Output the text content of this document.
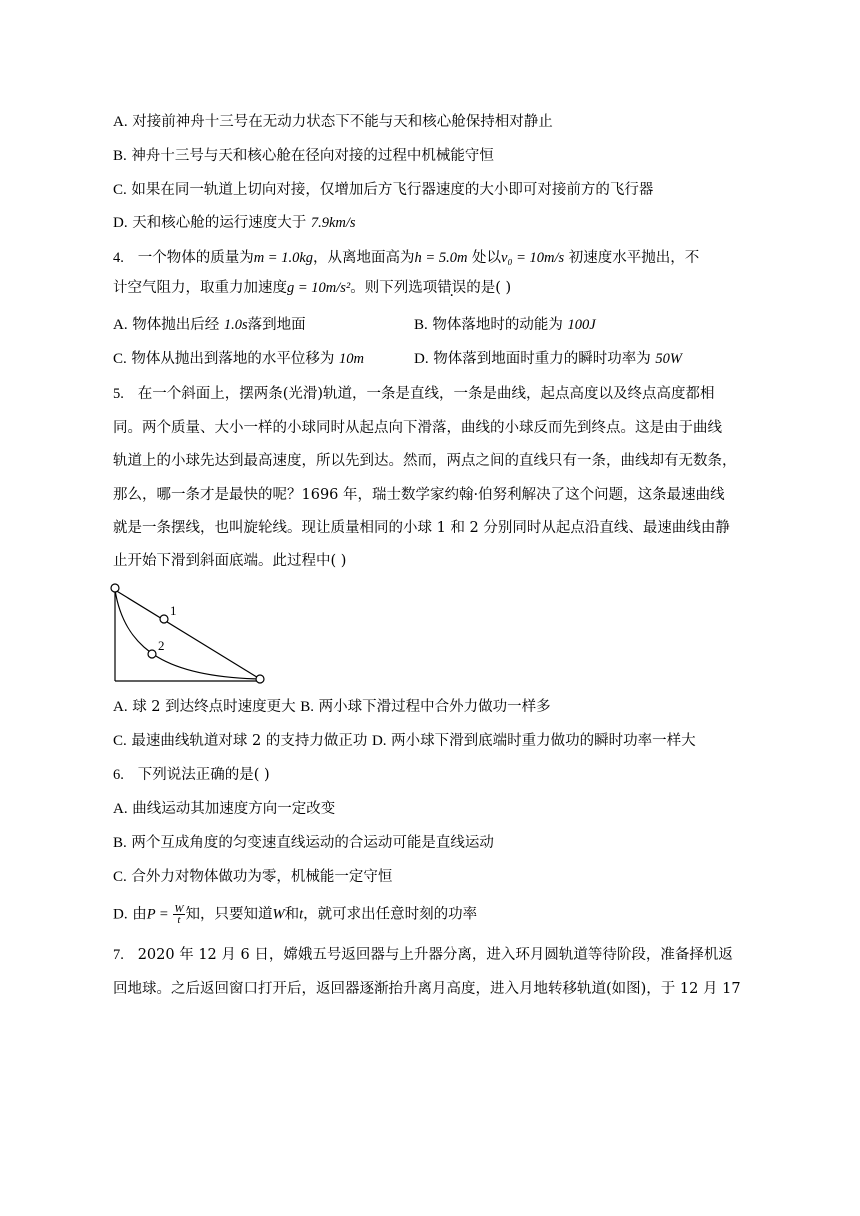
A. 对接前神舟十三号在无动力状态下不能与天和核心舱保持相对静止
B. 神舟十三号与天和核心舱在径向对接的过程中机械能守恒
C. 如果在同一轨道上切向对接，仅增加后方飞行器速度的大小即可对接前方的飞行器
D. 天和核心舱的运行速度大于 7.9km/s
4. 一个物体的质量为m = 1.0kg，从离地面高为h = 5.0m 处以v₀ = 10m/s 初速度水平抛出，不
计空气阻力，取重力加速度g = 10m/s²。则下列选项错误的是( )
A. 物体抛出后经 1.0s落到地面	B. 物体落地时的动能为 100J
C. 物体从抛出到落地的水平位移为 10m	D. 物体落到地面时重力的瞬时功率为 50W
5. 在一个斜面上，摆两条(光滑)轨道，一条是直线，一条是曲线，起点高度以及终点高度都相
同。两个质量、大小一样的小球同时从起点向下滑落，曲线的小球反而先到终点。这是由于曲线
轨道上的小球先达到最高速度，所以先到达。然而，两点之间的直线只有一条，曲线却有无数条，
那么，哪一条才是最快的呢？1696 年，瑞士数学家约翰·伯努利解决了这个问题，这条最速曲线
就是一条摆线，也叫旋轮线。现让质量相同的小球 1 和 2 分别同时从起点沿直线、最速曲线由静
止开始下滑到斜面底端。此过程中( )
1
2
A. 球 2 到达终点时速度更大 B. 两小球下滑过程中合外力做功一样多
C. 最速曲线轨道对球 2 的支持力做正功 D. 两小球下滑到底端时重力做功的瞬时功率一样大
6. 下列说法正确的是( )
A. 曲线运动其加速度方向一定改变
B. 两个互成角度的匀变速直线运动的合运动可能是直线运动
C. 合外力对物体做功为零，机械能一定守恒
D. 由$P = \frac{W}{t}$ 知，只要知道W和t，就可求出任意时刻的功率
7. 2020 年 12 月 6 日，嫦娥五号返回器与上升器分离，进入环月圆轨道等待阶段，准备择机返
回地球。之后返回窗口打开后，返回器逐渐抬升离月高度，进入月地转移轨道(如图)，于 12 月 17
